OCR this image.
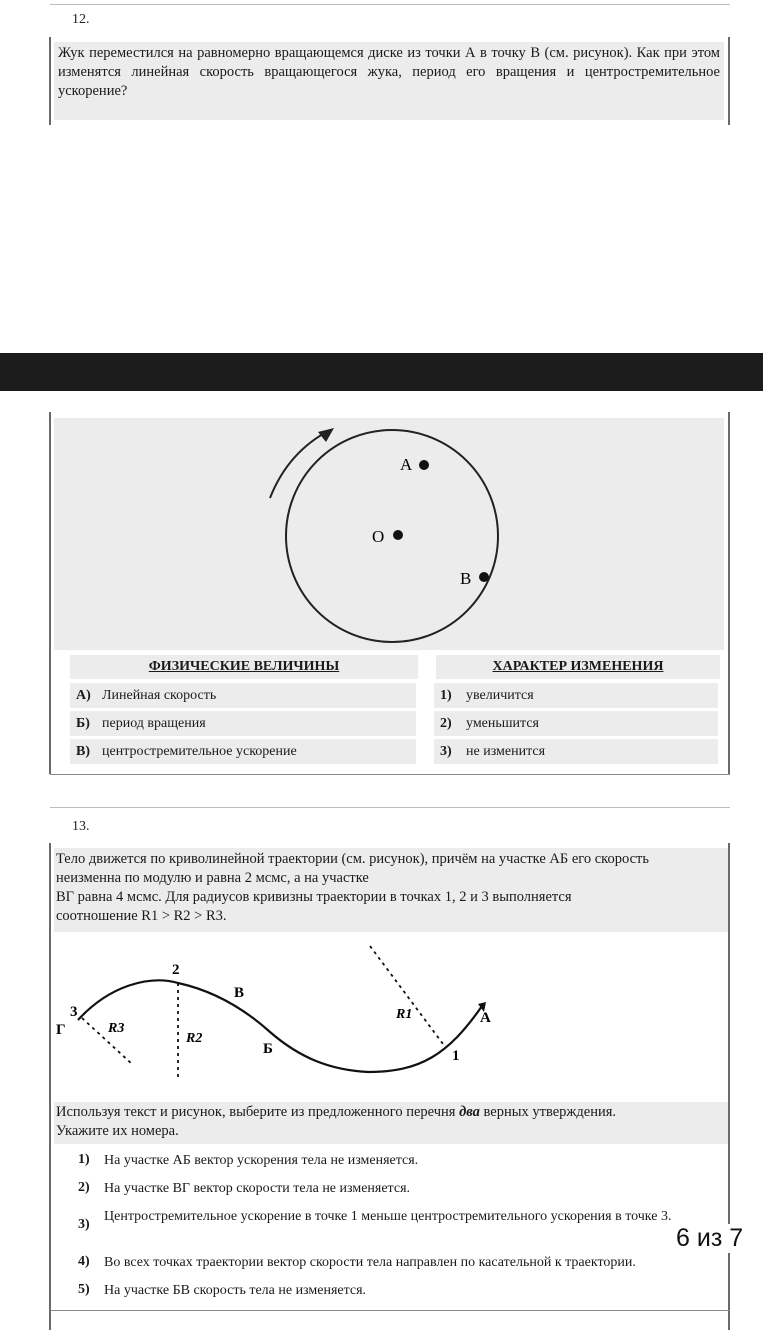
12.
Жук переместился на равномерно вращающемся диске из точки А в точку В (см. рисунок). Как при этом изменятся линейная скорость вращающегося жука, период его вращения и центростремительное ускорение?
А
О
В
ФИЗИЧЕСКИЕ ВЕЛИЧИНЫ	ХАРАКТЕР ИЗМЕНЕНИЯ
А) Линейная скорость
Б) период вращения
В) центростремительное ускорение
1) увеличится
2) уменьшится
3) не изменится
13.
Тело движется по криволинейной траектории (см. рисунок), причём на участке АБ его скорость
неизменна по модулю и равна 2 мсмс, а на участке
ВГ равна 4 мсмс. Для радиусов кривизны траектории в точках 1, 2 и 3 выполняется
соотношение R1 > R2 > R3.
2
3
1
Г
В
Б
А
R1
R2
R3
Используя текст и рисунок, выберите из предложенного перечня два верных утверждения.
Укажите их номера.
1) На участке АБ вектор ускорения тела не изменяется.
2) На участке ВГ вектор скорости тела не изменяется.
3)
Центростремительное ускорение в точке 1 меньше центростремительного ускорения в точке 3.
4) Во всех точках траектории вектор скорости тела направлен по касательной к траектории.
5) На участке БВ скорость тела не изменяется.
6 из 7
